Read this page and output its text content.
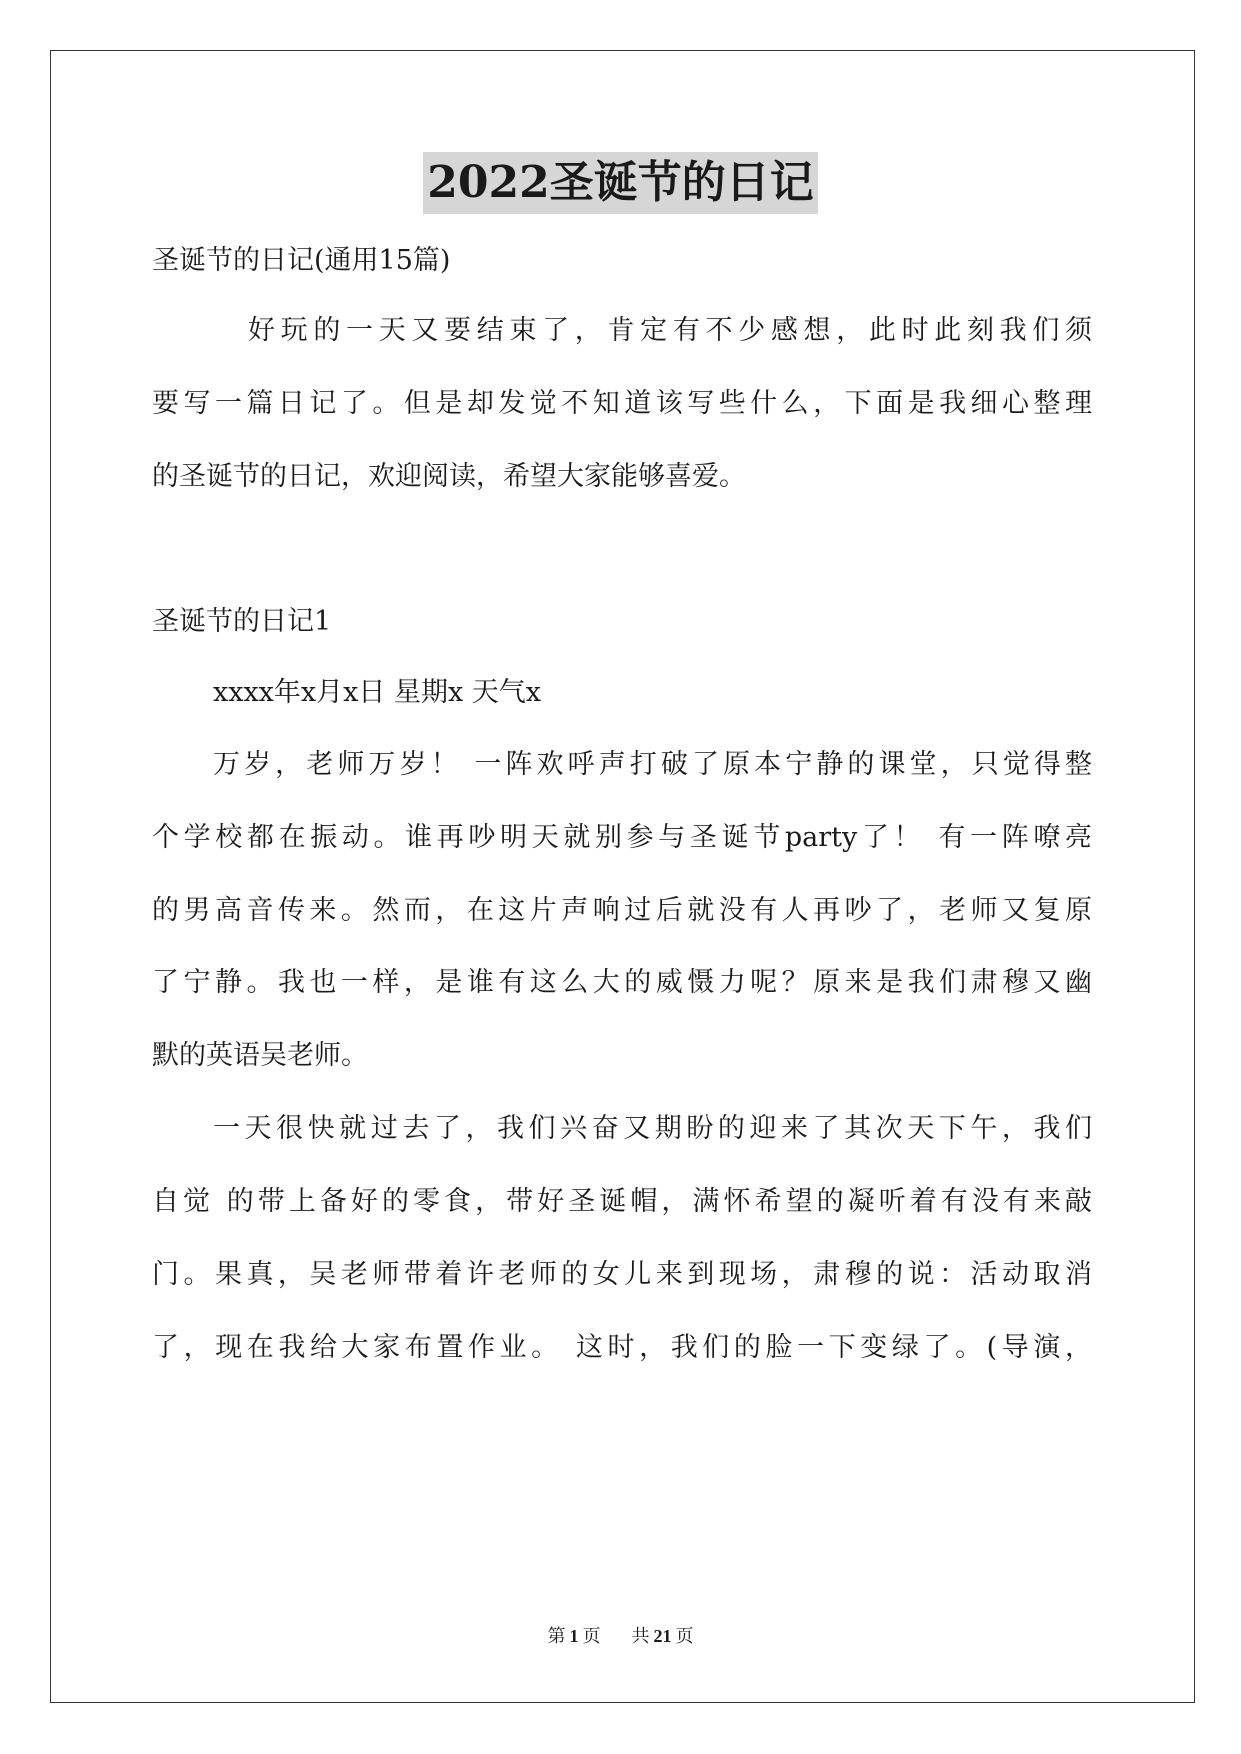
2022圣诞节的日记
圣诞节的日记(通用15篇)
好玩的一天又要结束了，肯定有不少感想，此时此刻我们须
要写一篇日记了。但是却发觉不知道该写些什么，下面是我细心整理
的圣诞节的日记，欢迎阅读，希望大家能够喜爱。
圣诞节的日记1
xxxx年x月x日 星期x 天气x
万岁，老师万岁！ 一阵欢呼声打破了原本宁静的课堂，只觉得整
个学校都在振动。谁再吵明天就别参与圣诞节party了！ 有一阵嘹亮
的男高音传来。然而，在这片声响过后就没有人再吵了，老师又复原
了宁静。我也一样，是谁有这么大的威慑力呢？原来是我们肃穆又幽
默的英语吴老师。
一天很快就过去了，我们兴奋又期盼的迎来了其次天下午，我们
自觉 的带上备好的零食，带好圣诞帽，满怀希望的凝听着有没有来敲
门。果真，吴老师带着许老师的女儿来到现场，肃穆的说：活动取消
了，现在我给大家布置作业。 这时，我们的脸一下变绿了。(导演，
第 1 页 共 21 页
